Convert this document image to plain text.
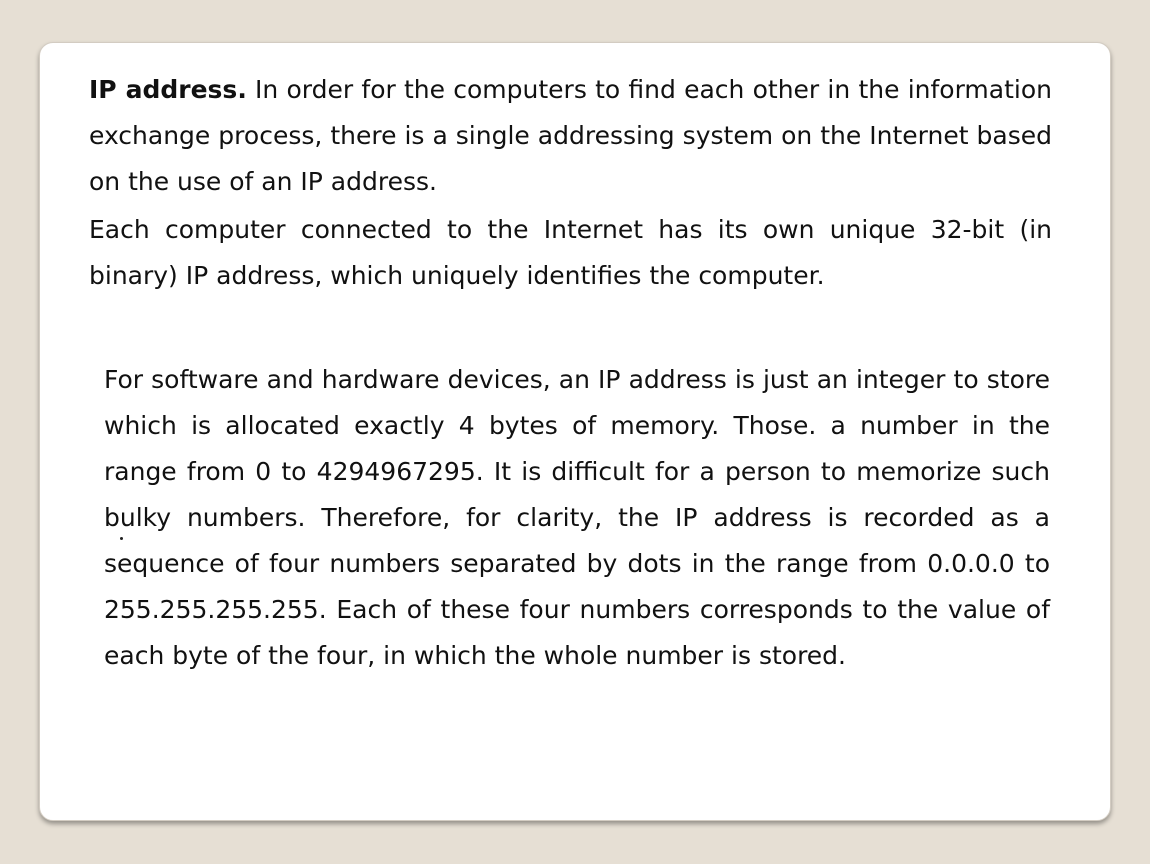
IP address. In order for the computers to find each other in the information exchange process, there is a single addressing system on the Internet based on the use of an IP address.

Each computer connected to the Internet has its own unique 32-bit (in binary) IP address, which uniquely identifies the computer.

For software and hardware devices, an IP address is just an integer to store which is allocated exactly 4 bytes of memory. Those. a number in the range from 0 to 4294967295. It is difficult for a person to memorize such bulky numbers. Therefore, for clarity, the IP address is recorded as a sequence of four numbers separated by dots in the range from 0.0.0.0 to 255.255.255.255. Each of these four numbers corresponds to the value of each byte of the four, in which the whole number is stored.
